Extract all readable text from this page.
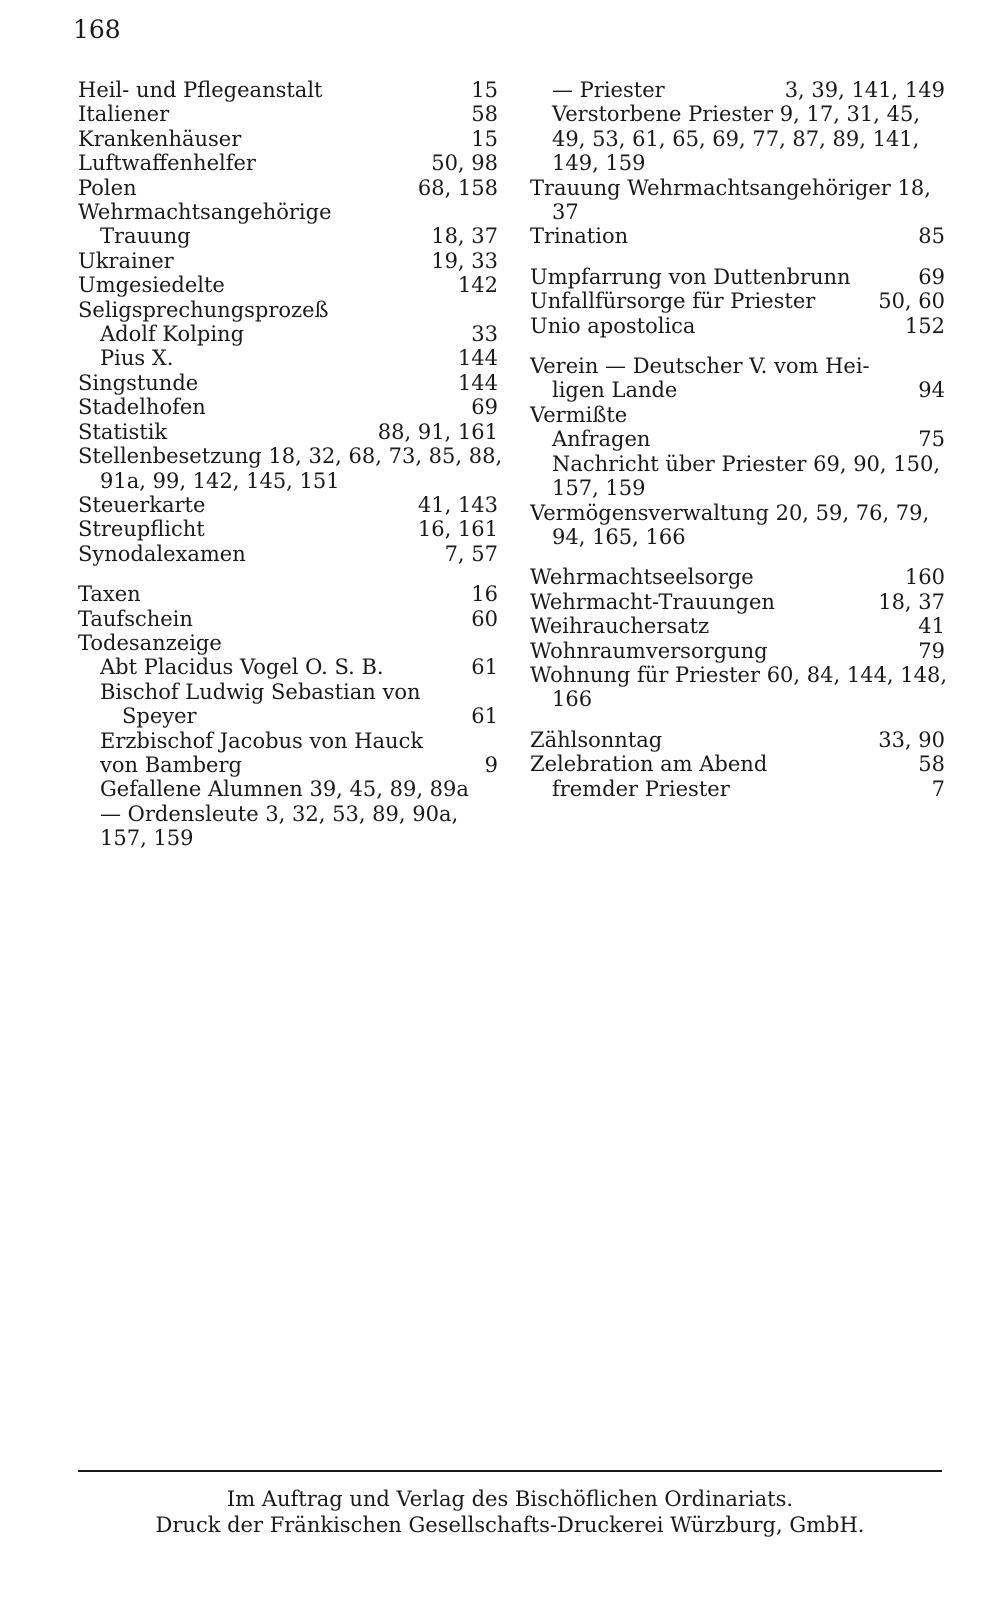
168
Heil- und Pflegeanstalt	15
Italiener	58
Krankenhäuser	15
Luftwaffenhelfer	50, 98
Polen	68, 158
Wehrmachtsangehörige
Trauung	18, 37
Ukrainer	19, 33
Umgesiedelte	142
Seligsprechungsprozeß
Adolf Kolping	33
Pius X.	144
Singstunde	144
Stadelhofen	69
Statistik	88, 91, 161
Stellenbesetzung 18, 32, 68, 73, 85, 88,
91a, 99, 142, 145, 151
Steuerkarte	41, 143
Streupflicht	16, 161
Synodalexamen	7, 57
Taxen	16
Taufschein	60
Todesanzeige
Abt Placidus Vogel O. S. B.	61
Bischof Ludwig Sebastian von
Speyer	61
Erzbischof Jacobus von Hauck
von Bamberg	9
Gefallene Alumnen 39, 45, 89, 89a
— Ordensleute 3, 32, 53, 89, 90a,
157, 159
— Priester	3, 39, 141, 149
Verstorbene Priester 9, 17, 31, 45,
49, 53, 61, 65, 69, 77, 87, 89, 141,
149, 159
Trauung Wehrmachtsangehöriger 18,
37
Trination	85
Umpfarrung von Duttenbrunn	69
Unfallfürsorge für Priester	50, 60
Unio apostolica	152
Verein — Deutscher V. vom Hei-
ligen Lande	94
Vermißte
Anfragen	75
Nachricht über Priester 69, 90, 150,
157, 159
Vermögensverwaltung 20, 59, 76, 79,
94, 165, 166
Wehrmachtseelsorge	160
Wehrmacht-Trauungen	18, 37
Weihrauchersatz	41
Wohnraumversorgung	79
Wohnung für Priester 60, 84, 144, 148,
166
Zählsonntag	33, 90
Zelebration am Abend	58
fremder Priester	7
Im Auftrag und Verlag des Bischöflichen Ordinariats.
Druck der Fränkischen Gesellschafts-Druckerei Würzburg, GmbH.
